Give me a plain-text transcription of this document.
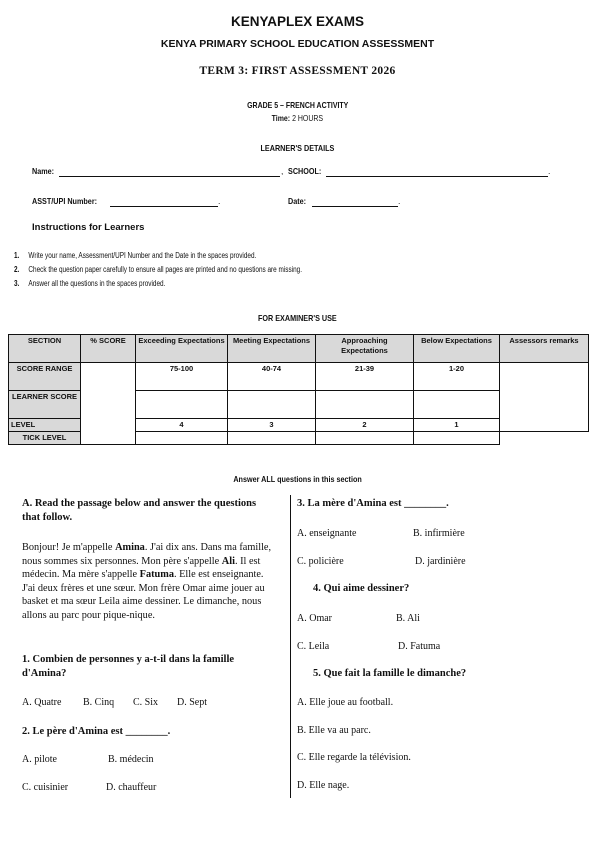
KENYAPLEX EXAMS
KENYA PRIMARY SCHOOL EDUCATION ASSESSMENT
TERM 3: FIRST ASSESSMENT 2026
GRADE 5 – FRENCH ACTIVITY
Time: 2 HOURS
LEARNER'S DETAILS
Name:	, SCHOOL:	.
ASST/UPI Number:	.	Date:	.
Instructions for Learners
1. Write your name, Assessment/UPI Number and the Date in the spaces provided.
2. Check the question paper carefully to ensure all pages are printed and no questions are missing.
3. Answer all the questions in the spaces provided.
FOR EXAMINER'S USE
SECTION	% SCORE	Exceeding Expectations	Meeting Expectations	Approaching Expectations	Below Expectations	Assessors remarks
SCORE RANGE		75-100	40-74	21-39	1-20	
LEARNER SCORE						
LEVEL		4	3	2	1	
TICK LEVEL						
Answer ALL questions in this section
A. Read the passage below and answer the questions that follow.
Bonjour! Je m'appelle Amina. J'ai dix ans. Dans ma famille, nous sommes six personnes. Mon père s'appelle Ali. Il est médecin. Ma mère s'appelle Fatuma. Elle est enseignante. J'ai deux frères et une sœur. Mon frère Omar aime jouer au basket et ma sœur Leila aime dessiner. Le dimanche, nous allons au parc pour pique-nique.
1. Combien de personnes y a-t-il dans la famille d'Amina?
A. Quatre B. Cinq C. Six D. Sept
2. Le père d'Amina est ________.
A. pilote	B. médecin
C. cuisinier	D. chauffeur
3. La mère d'Amina est ________.
A. enseignante	B. infirmière
C. policière	D. jardinière
4. Qui aime dessiner?
A. Omar	B. Ali
C. Leila	D. Fatuma
5. Que fait la famille le dimanche?
A. Elle joue au football.
B. Elle va au parc.
C. Elle regarde la télévision.
D. Elle nage.
